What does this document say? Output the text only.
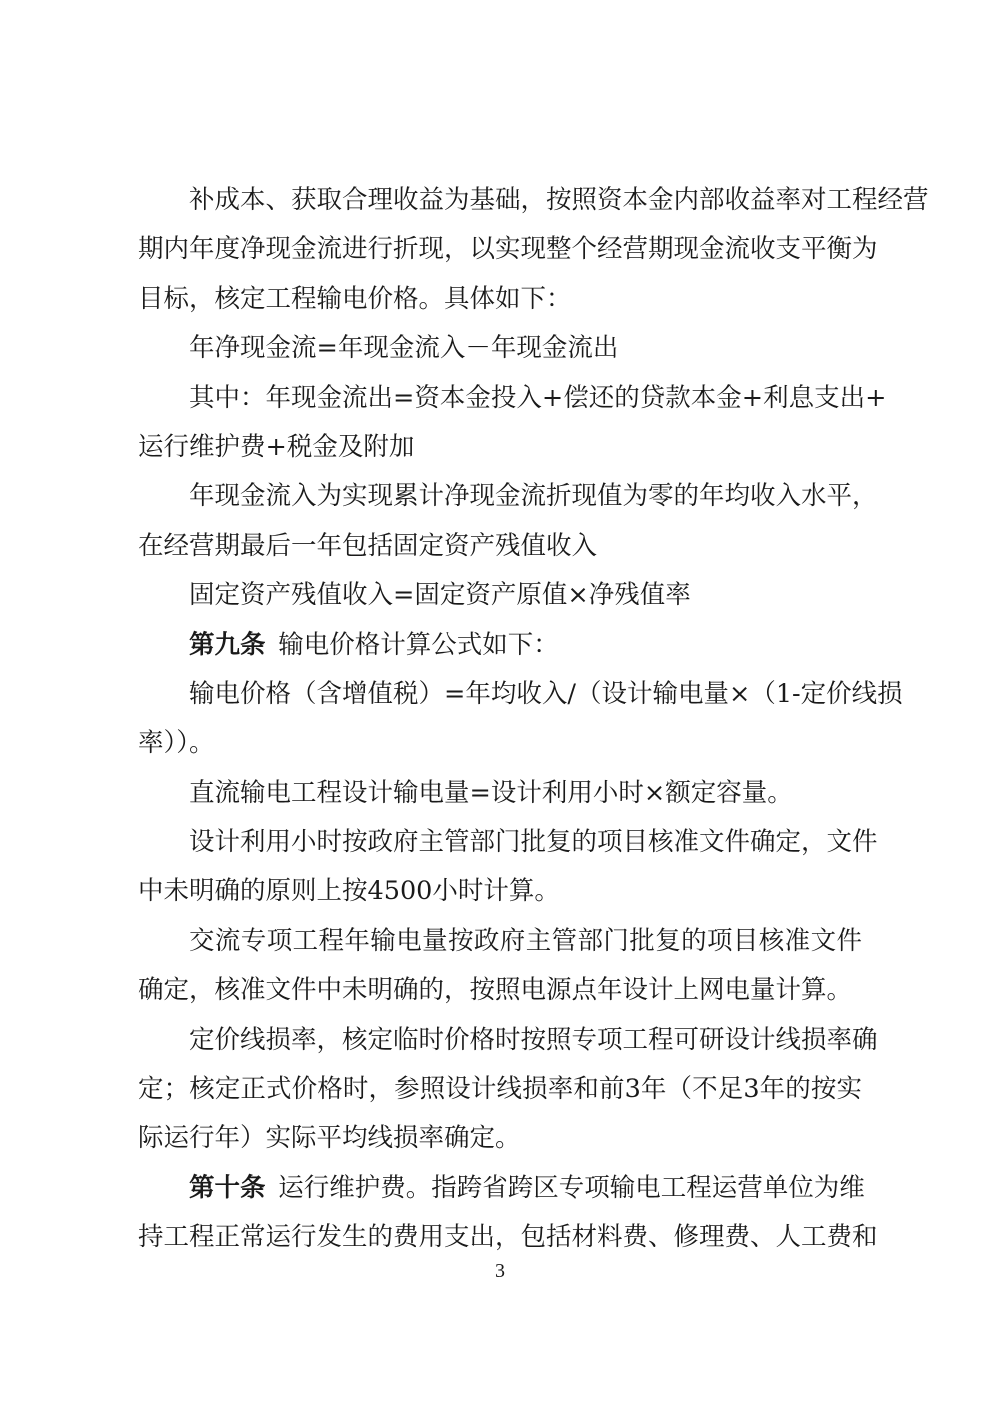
补成本、获取合理收益为基础，按照资本金内部收益率对工程经营
期内年度净现金流进行折现，以实现整个经营期现金流收支平衡为
目标，核定工程输电价格。具体如下：
年净现金流=年现金流入－年现金流出
其中：年现金流出=资本金投入+偿还的贷款本金+利息支出+
运行维护费+税金及附加
年现金流入为实现累计净现金流折现值为零的年均收入水平，
在经营期最后一年包括固定资产残值收入
固定资产残值收入=固定资产原值×净残值率
第九条 输电价格计算公式如下：
输电价格（含增值税）=年均收入/（设计输电量×（1-定价线损
率））。
直流输电工程设计输电量=设计利用小时×额定容量。
设计利用小时按政府主管部门批复的项目核准文件确定，文件
中未明确的原则上按4500小时计算。
交流专项工程年输电量按政府主管部门批复的项目核准文件
确定，核准文件中未明确的，按照电源点年设计上网电量计算。
定价线损率，核定临时价格时按照专项工程可研设计线损率确
定；核定正式价格时，参照设计线损率和前3年（不足3年的按实
际运行年）实际平均线损率确定。
第十条 运行维护费。指跨省跨区专项输电工程运营单位为维
持工程正常运行发生的费用支出，包括材料费、修理费、人工费和
3
